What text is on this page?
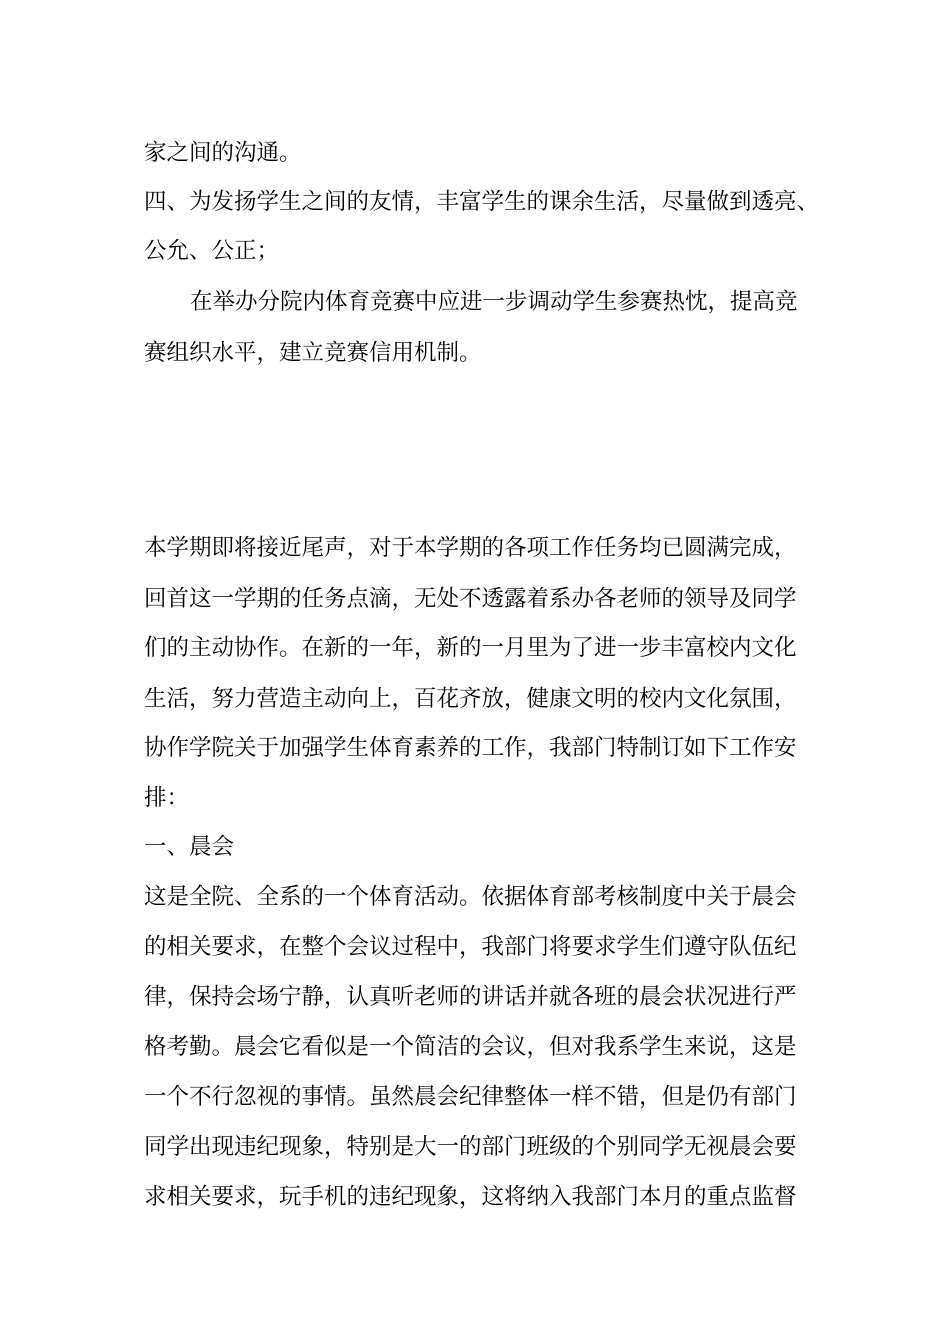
家之间的沟通。

四、为发扬学生之间的友情，丰富学生的课余生活，尽量做到透亮、

公允、公正；

在举办分院内体育竞赛中应进一步调动学生参赛热忱，提高竞

赛组织水平，建立竞赛信用机制。

本学期即将接近尾声，对于本学期的各项工作任务均已圆满完成，

回首这一学期的任务点滴，无处不透露着系办各老师的领导及同学

们的主动协作。在新的一年，新的一月里为了进一步丰富校内文化

生活，努力营造主动向上，百花齐放，健康文明的校内文化氛围，

协作学院关于加强学生体育素养的工作，我部门特制订如下工作安

排：

一、晨会

这是全院、全系的一个体育活动。依据体育部考核制度中关于晨会

的相关要求，在整个会议过程中，我部门将要求学生们遵守队伍纪

律，保持会场宁静，认真听老师的讲话并就各班的晨会状况进行严

格考勤。晨会它看似是一个简洁的会议，但对我系学生来说，这是

一个不行忽视的事情。虽然晨会纪律整体一样不错，但是仍有部门

同学出现违纪现象，特别是大一的部门班级的个别同学无视晨会要

求相关要求，玩手机的违纪现象，这将纳入我部门本月的重点监督
